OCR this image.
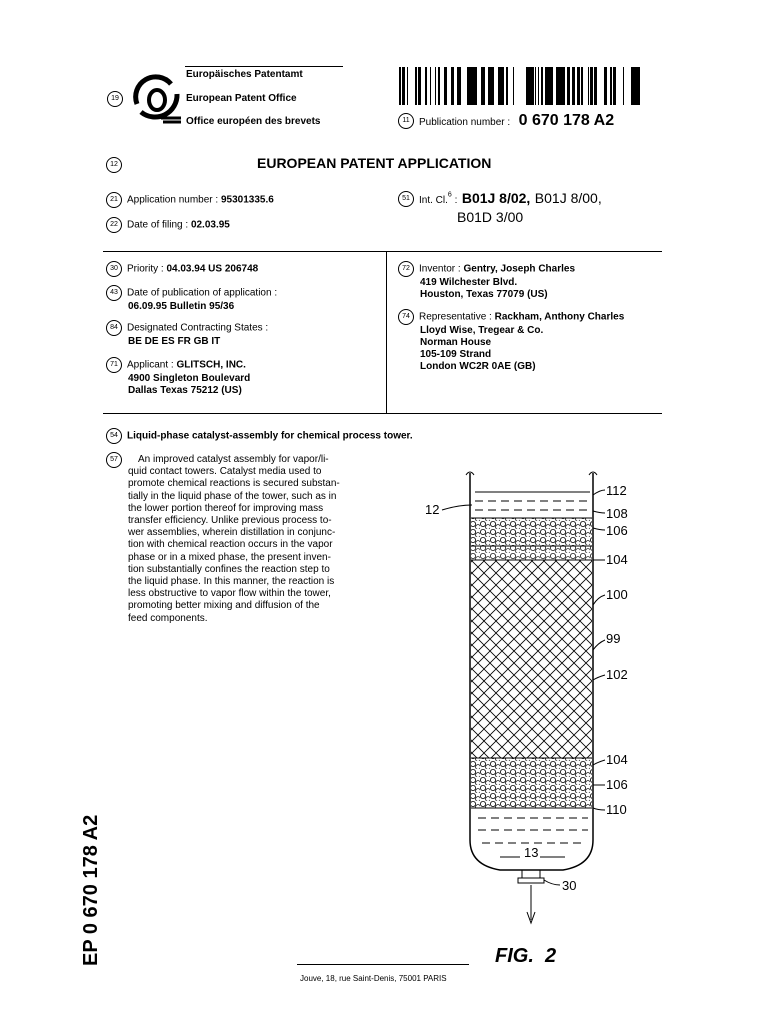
19
Europäisches Patentamt
European Patent Office
Office européen des brevets	11 Publication number : 0 670 178 A2
12	EUROPEAN PATENT APPLICATION
21 Application number : 95301335.6
22 Date of filing : 02.03.95
51 Int. Cl.$^6$ : B01J 8/02, B01J 8/00,
B01D 3/00
30 Priority : 04.03.94 US 206748
43 Date of publication of application :
06.09.95 Bulletin 95/36
84 Designated Contracting States :
BE DE ES FR GB IT
71 Applicant : GLITSCH, INC.
4900 Singleton Boulevard
Dallas Texas 75212 (US)
72 Inventor : Gentry, Joseph Charles
419 Wilchester Blvd.
Houston, Texas 77079 (US)
74 Representative : Rackham, Anthony Charles
Lloyd Wise, Tregear & Co.
Norman House
105-109 Strand
London WC2R 0AE (GB)
54 Liquid-phase catalyst-assembly for chemical process tower.
57	An improved catalyst assembly for vapor/li-
quid contact towers. Catalyst media used to
promote chemical reactions is secured substan-
tially in the liquid phase of the tower, such as in
the lower portion thereof for improving mass
transfer efficiency. Unlike previous process to-
wer assemblies, wherein distillation in conjunc-
tion with chemical reaction occurs in the vapor
phase or in a mixed phase, the present inven-
tion substantially confines the reaction step to
the liquid phase. In this manner, the reaction is
less obstructive to vapor flow within the tower,
promoting better mixing and diffusion of the
feed components.
112
108
106
104
100
99
102
104
106
110
30
12
13
FIG.  2
EP 0 670 178 A2
Jouve, 18, rue Saint-Denis, 75001 PARIS
